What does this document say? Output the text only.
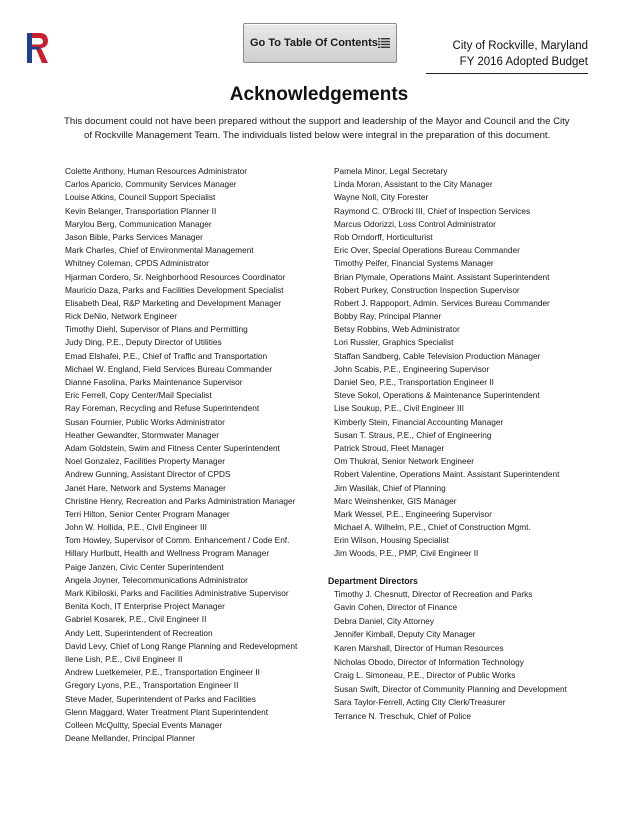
Go To Table Of Contents	City of Rockville, Maryland
FY 2016 Adopted Budget
Acknowledgements

This document could not have been prepared without the support and leadership of the Mayor and Council and the City
of Rockville Management Team. The individuals listed below were integral in the preparation of this document.

Colette Anthony, Human Resources Administrator
Carlos Aparicio, Community Services Manager
Louise Atkins, Council Support Specialist
Kevin Belanger, Transportation Planner II
Marylou Berg, Communication Manager
Jason Bible, Parks Services Manager
Mark Charles, Chief of Environmental Management
Whitney Coleman, CPDS Administrator
Hjarman Cordero, Sr. Neighborhood Resources Coordinator
Mauricio Daza, Parks and Facilities Development Specialist
Elisabeth Deal, R&P Marketing and Development Manager
Rick DeNio, Network Engineer
Timothy Diehl, Supervisor of Plans and Permitting
Judy Ding, P.E., Deputy Director of Utilities
Emad Elshafei, P.E., Chief of Traffic and Transportation
Michael W. England, Field Services Bureau Commander
Dianne Fasolina, Parks Maintenance Supervisor
Eric Ferrell, Copy Center/Mail Specialist
Ray Foreman, Recycling and Refuse Superintendent
Susan Fournier, Public Works Administrator
Heather Gewandter, Stormwater Manager
Adam Goldstein, Swim and Fitness Center Superintendent
Noel Gonzalez, Facilities Property Manager
Andrew Gunning, Assistant Director of CPDS
Janet Hare, Network and Systems Manager
Christine Henry, Recreation and Parks Administration Manager
Terri Hilton, Senior Center Program Manager
John W. Hollida, P.E., Civil Engineer III
Tom Howley, Supervisor of Comm. Enhancement / Code Enf.
Hillary Hurlbutt, Health and Wellness Program Manager
Paige Janzen, Civic Center Superintendent
Angela Joyner, Telecommunications Administrator
Mark Kibiloski, Parks and Facilities Administrative Supervisor
Benita Koch, IT Enterprise Project Manager
Gabriel Kosarek, P.E., Civil Engineer II
Andy Lett, Superintendent of Recreation
David Levy, Chief of Long Range Planning and Redevelopment
Ilene Lish, P.E., Civil Engineer II
Andrew Luetkemeier, P.E., Transportation Engineer II
Gregory Lyons, P.E., Transportation Engineer II
Steve Mader, Superintendent of Parks and Facilities
Glenn Maggard, Water Treatment Plant Superintendent
Colleen McQuitty, Special Events Manager
Deane Mellander, Principal Planner
Pamela Minor, Legal Secretary
Linda Moran, Assistant to the City Manager
Wayne Noll, City Forester
Raymond C. O'Brocki III, Chief of Inspection Services
Marcus Odorizzi, Loss Control Administrator
Rob Orndorff, Horticulturist
Eric Over, Special Operations Bureau Commander
Timothy Peifer, Financial Systems Manager
Brian Plymale, Operations Maint. Assistant Superintendent
Robert Purkey, Construction Inspection Supervisor
Robert J. Rappoport, Admin. Services Bureau Commander
Bobby Ray, Principal Planner
Betsy Robbins, Web Administrator
Lori Russler, Graphics Specialist
Staffan Sandberg, Cable Television Production Manager
John Scabis, P.E., Engineering Supervisor
Daniel Seo, P.E., Transportation Engineer II
Steve Sokol, Operations & Maintenance Superintendent
Lise Soukup, P.E., Civil Engineer III
Kimberly Stein, Financial Accounting Manager
Susan T. Straus, P.E., Chief of Engineering
Patrick Stroud, Fleet Manager
Om Thukral, Senior Network Engineer
Robert Valentine, Operations Maint. Assistant Superintendent
Jim Wasilak, Chief of Planning
Marc Weinshenker, GIS Manager
Mark Wessel, P.E., Engineering Supervisor
Michael A. Wilhelm, P.E., Chief of Construction Mgmt.
Erin Wilson, Housing Specialist
Jim Woods, P.E., PMP, Civil Engineer II
Department Directors
Timothy J. Chesnutt, Director of Recreation and Parks
Gavin Cohen, Director of Finance
Debra Daniel, City Attorney
Jennifer Kimball, Deputy City Manager
Karen Marshall, Director of Human Resources
Nicholas Obodo, Director of Information Technology
Craig L. Simoneau, P.E., Director of Public Works
Susan Swift, Director of Community Planning and Development
Sara Taylor-Ferrell, Acting City Clerk/Treasurer
Terrance N. Treschuk, Chief of Police
